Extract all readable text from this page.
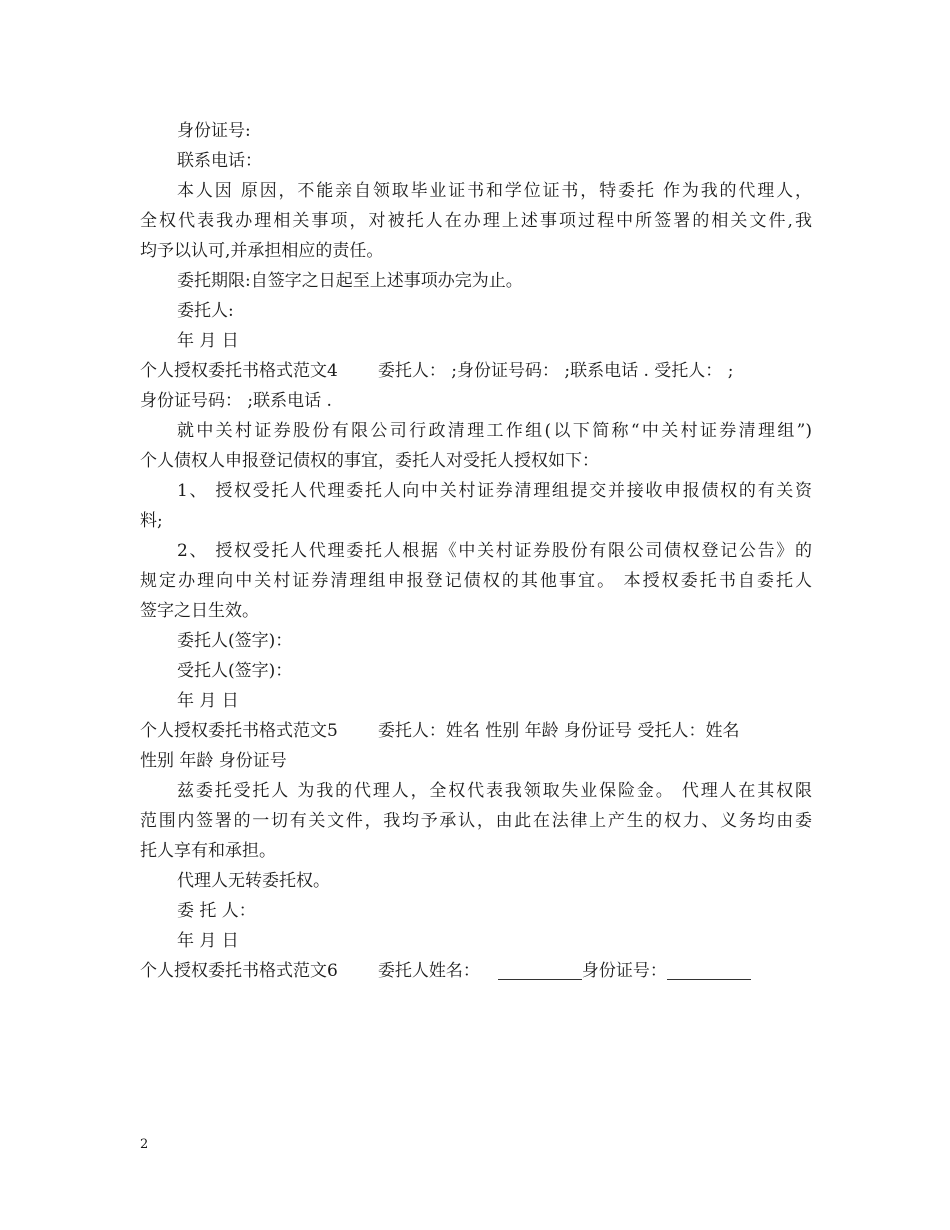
身份证号:

联系电话：

本人因 原因，不能亲自领取毕业证书和学位证书，特委托 作为我的代理人，

全权代表我办理相关事项，对被托人在办理上述事项过程中所签署的相关文件,我

均予以认可,并承担相应的责任。

委托期限:自签字之日起至上述事项办完为止。

委托人:

年 月 日

个人授权委托书格式范文4 委托人： ;身份证号码： ;联系电话 . 受托人： ;

身份证号码： ;联系电话 .

就中关村证券股份有限公司行政清理工作组(以下简称“中关村证券清理组”)

个人债权人申报登记债权的事宜，委托人对受托人授权如下：

1、 授权受托人代理委托人向中关村证券清理组提交并接收申报债权的有关资

料;

2、 授权受托人代理委托人根据《中关村证券股份有限公司债权登记公告》的

规定办理向中关村证券清理组申报登记债权的其他事宜。 本授权委托书自委托人

签字之日生效。

委托人(签字)：

受托人(签字)：

年 月 日

个人授权委托书格式范文5 委托人：姓名 性别 年龄 身份证号 受托人：姓名

性别 年龄 身份证号

兹委托受托人 为我的代理人，全权代表我领取失业保险金。 代理人在其权限

范围内签署的一切有关文件，我均予承认，由此在法律上产生的权力、义务均由委

托人享有和承担。

代理人无转委托权。

委 托 人：

年 月 日

个人授权委托书格式范文6 委托人姓名：	身份证号：

2
